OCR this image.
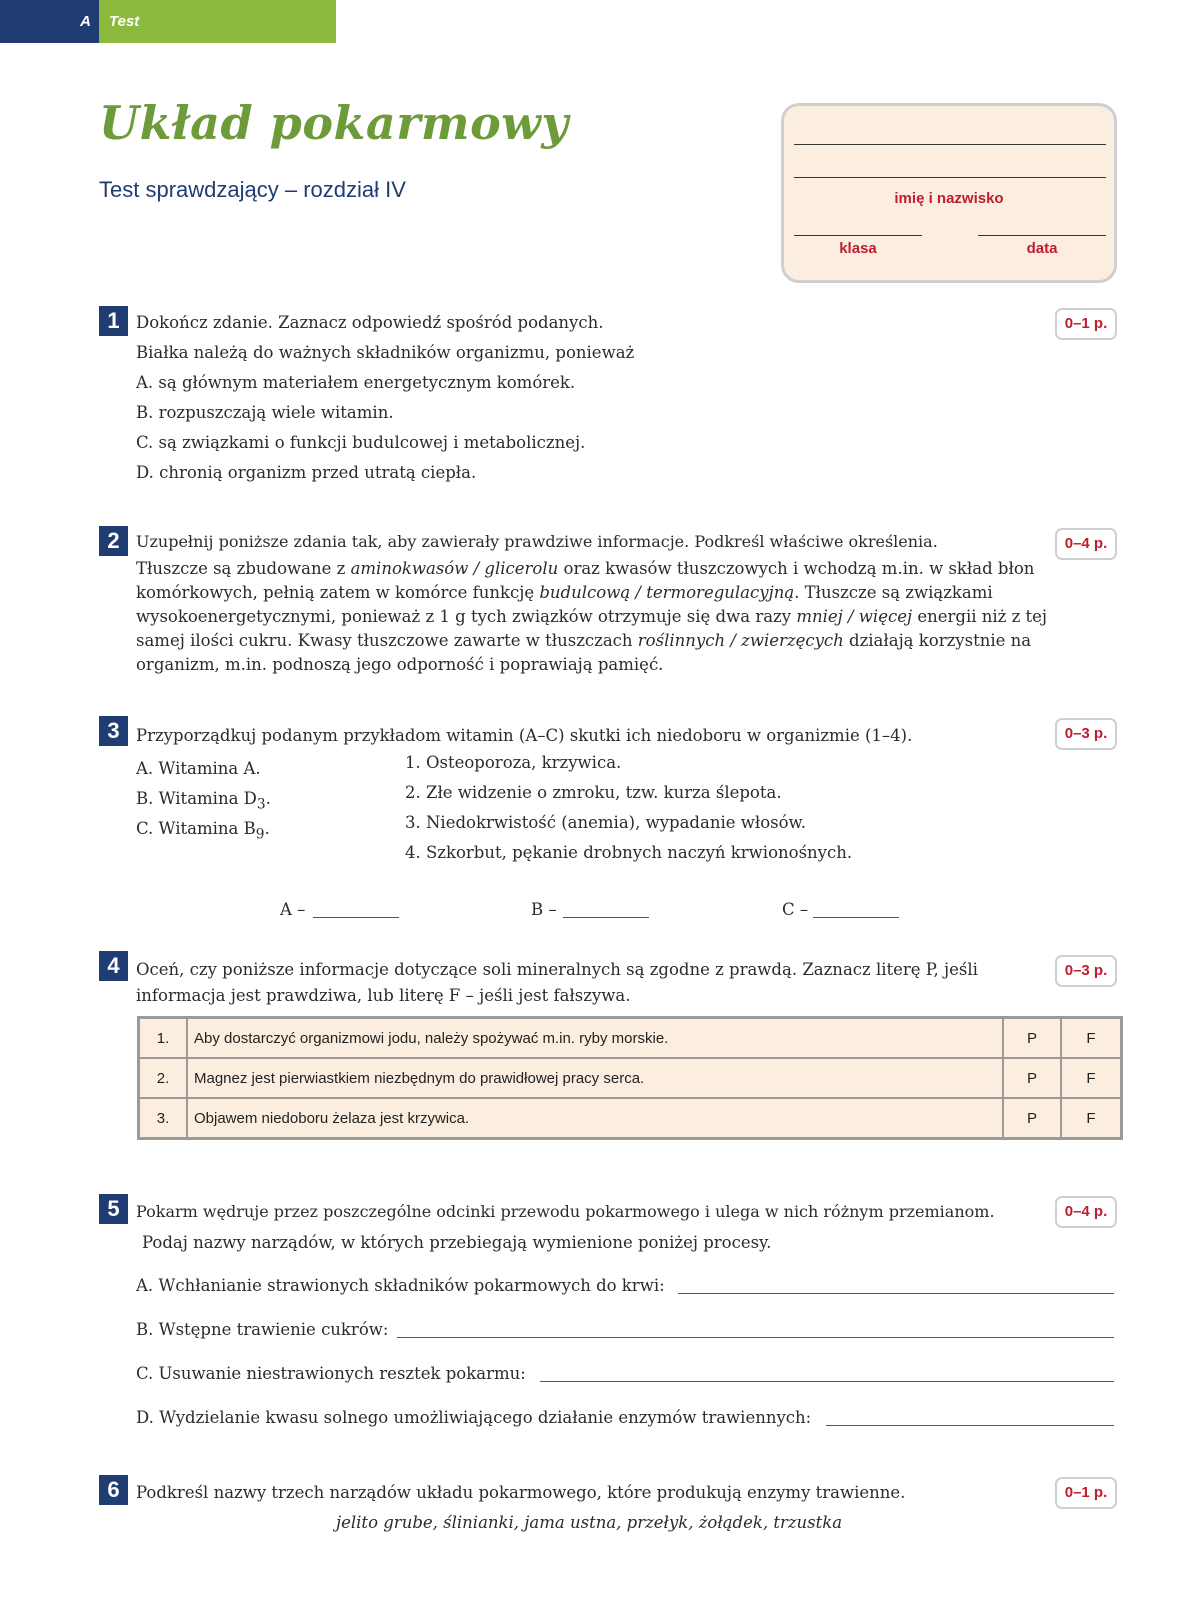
A Test
Układ pokarmowy
Test sprawdzający – rozdział IV	imię i nazwisko
klasa	data
1	0–1 p.
Dokończ zdanie. Zaznacz odpowiedź spośród podanych.
Białka należą do ważnych składników organizmu, ponieważ
A. są głównym materiałem energetycznym komórek.
B. rozpuszczają wiele witamin.
C. są związkami o funkcji budulcowej i metabolicznej.
D. chronią organizm przed utratą ciepła.
2	0–4 p.
Uzupełnij poniższe zdania tak, aby zawierały prawdziwe informacje. Podkreśl właściwe określenia.
Tłuszcze są zbudowane z aminokwasów / glicerolu oraz kwasów tłuszczowych i wchodzą m.in. w skład błon komórkowych, pełnią zatem w komórce funkcję budulcową / termoregulacyjną. Tłuszcze są związkami wysokoenergetycznymi, ponieważ z 1 g tych związków otrzymuje się dwa razy mniej / więcej energii niż z tej samej ilości cukru. Kwasy tłuszczowe zawarte w tłuszczach roślinnych / zwierzęcych działają korzystnie na organizm, m.in. podnoszą jego odporność i poprawiają pamięć.
3	0–3 p.
Przyporządkuj podanym przykładom witamin (A–C) skutki ich niedoboru w organizmie (1–4).
A. Witamina A.
B. Witamina $D_3$.
C. Witamina $B_9$.
1. Osteoporoza, krzywica.
2. Złe widzenie o zmroku, tzw. kurza ślepota.
3. Niedokrwistość (anemia), wypadanie włosów.
4. Szkorbut, pękanie drobnych naczyń krwionośnych.
A –	B –	C –
4	0–3 p.
Oceń, czy poniższe informacje dotyczące soli mineralnych są zgodne z prawdą. Zaznacz literę P, jeśli
informacja jest prawdziwa, lub literę F – jeśli jest fałszywa.
1.	Aby dostarczyć organizmowi jodu, należy spożywać m.in. ryby morskie.	P	F
2.	Magnez jest pierwiastkiem niezbędnym do prawidłowej pracy serca.	P	F
3.	Objawem niedoboru żelaza jest krzywica.	P	F
5	0–4 p.
Pokarm wędruje przez poszczególne odcinki przewodu pokarmowego i ulega w nich różnym przemianom.
Podaj nazwy narządów, w których przebiegają wymienione poniżej procesy.
A. Wchłanianie strawionych składników pokarmowych do krwi:
B. Wstępne trawienie cukrów:
C. Usuwanie niestrawionych resztek pokarmu:
D. Wydzielanie kwasu solnego umożliwiającego działanie enzymów trawiennych:
6	0–1 p.
Podkreśl nazwy trzech narządów układu pokarmowego, które produkują enzymy trawienne.
jelito grube, ślinianki, jama ustna, przełyk, żołądek, trzustka
